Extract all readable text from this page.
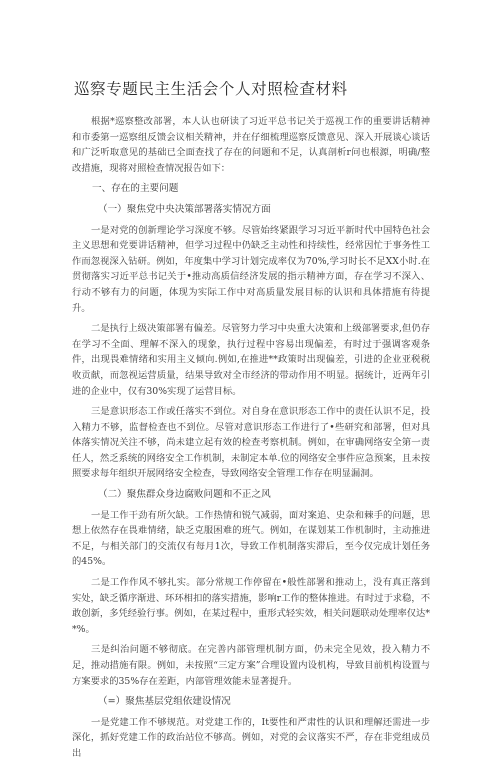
巡察专题民主生活会个人对照检查材料

根据*巡察整改部署，本人认也研读了习近平总书记关于巡视工作的重要讲话精神和市委第一巡察组反馈会议相关精神，并在仔细梳理巡察反馈意见、深入开展谈心谈话和广泛听取意见的基础已全面查找了存在的问题和不足，认真剖析r问也根源，明确/整改措施，现将对照检查情况报告如下：

一、存在的主要问题
（一）聚焦党中央决策部署落实情况方面

一是对党的创新理论学习深度不够。尽管始终紧跟学习习近平新时代中国特色社会主义思想和党要讲话精神，但学习过程中仍缺乏主动性和持续性，经常因忙于事务性工作而忽视深入钻研。例如，年度集中学习计划完成率仅为70%,学习时长不足XX小时.在贯彻落实习近平总书记关于•推动高质信经济发展的指示精神方面，存在学习不深入、行动不够有力的问题，体现为实际工作中对高质量发展目标的认识和具体措施有待提升。

二是执行上级决策部署有偏差。尽管努力学习中央重大决策和上级部署要求,但仍存在学习不全面、理解不深入的现象，执行过程中容易出现偏差，有时过于强调客观条件，出现畏难情绪和实用主义倾向.例如,在推进**政策时出现偏差，引进的企业亚税税收贡献，而忽视运营质量，结果导致对全市经济的带动作用不明显。据统计，近两年引进的企业中，仅有30%实现了运营目标。

三是意识形态工作或任落实不到位。对自身在意识形态工作中的责任认识不足，投入精力不够，监督检查也不到位。尽管对意识形态工作进行了•些研究和部署，但对具体落实情况关注不够，尚未建立起有效的检查考察机制。例如，在审确网络安全第一责任人，然乏系统的网络安全工作机制，未制定本单.位的网络安全事件应急预案，且未按照要求每年组织开展网络安全检查，导致网络安全管理工作存在明显漏洞。

（二）聚焦群众身边腐败问题和不正之风

一是工作干劲有所欠缺。工作热情和锐气减弱，面对案追、史杂和棘手的问题，思想上依然存在畏难情绪，缺乏克服困难的班气。例如，在谋划某工作机制时，主动推进不足，与相关部门的交流仅有每月1次，导致工作机制落实滞后，至今仅完成计划任务的45%。

二是工作作风不够扎实。部分常规工作停留在•般性部署和推动上，没有真正落到实处，缺乏循序渐进、环环相扣的落实措施，影响r工作的整体推进。有时过于求稳，不敢创新，多凭经验行事。例如，在某过程中，重形式轻实效，相关问题联动处理率仅达**%。

三是纠治问题不够彻底。在完善内部管理机制方面，仍未完全见效，投入精力不足，推动措施有限。例如，未按照“三定方案”合理设置内设机构，导致目前机构设置与方案要求的35%存在差距，内部管理效能未显著提升。

（=）聚焦基层党组依建设情况

一是党建工作不够规范。对党建工作的，It要性和严肃性的认识和理解还需进一步深化，抓好党建工作的政治站位不够高。例如，对党的会议落实不严，存在非党组成员出
